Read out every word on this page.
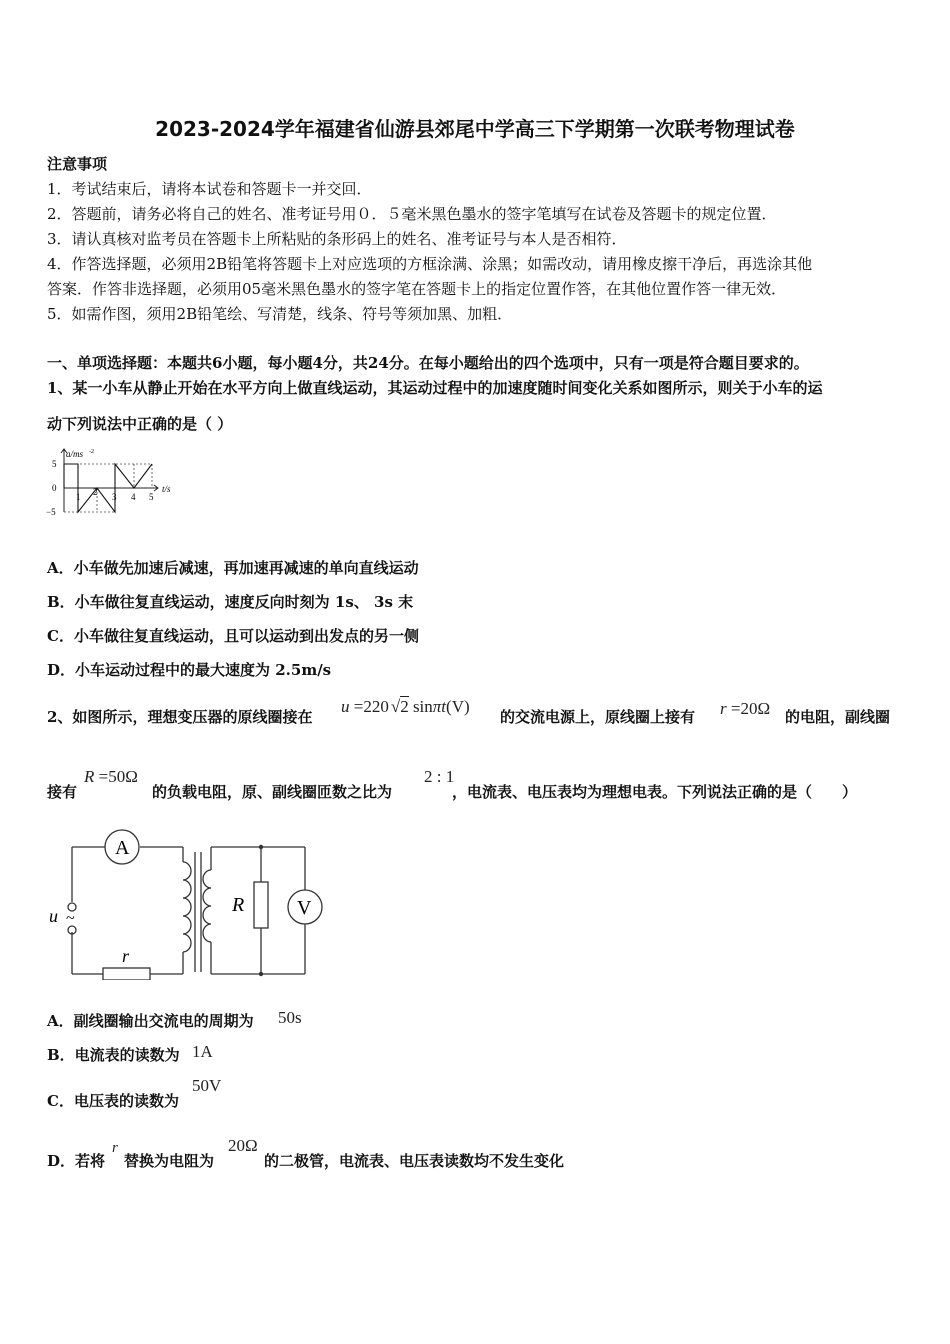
2023-2024学年福建省仙游县郊尾中学高三下学期第一次联考物理试卷
注意事项
1．考试结束后，请将本试卷和答题卡一并交回．
2．答题前，请务必将自己的姓名、准考证号用０．５毫米黑色墨水的签字笔填写在试卷及答题卡的规定位置．
3．请认真核对监考员在答题卡上所粘贴的条形码上的姓名、准考证号与本人是否相符．
4．作答选择题，必须用2B铅笔将答题卡上对应选项的方框涂满、涂黑；如需改动，请用橡皮擦干净后，再选涂其他
答案．作答非选择题，必须用05毫米黑色墨水的签字笔在答题卡上的指定位置作答，在其他位置作答一律无效．
5．如需作图，须用2B铅笔绘、写清楚，线条、符号等须加黑、加粗．
一、单项选择题：本题共6小题，每小题4分，共24分。在每小题给出的四个选项中，只有一项是符合题目要求的。
1、某一小车从静止开始在水平方向上做直线运动，其运动过程中的加速度随时间变化关系如图所示，则关于小车的运
动下列说法中正确的是（ ）
a/ms -2
t/s
5
0
−5
1 2 3 4 5
A．小车做先加速后减速，再加速再减速的单向直线运动
B．小车做往复直线运动，速度反向时刻为 1s、 3s 末
C．小车做往复直线运动，且可以运动到出发点的另一侧
D．小车运动过程中的最大速度为 2.5m/s
2、如图所示，理想变压器的原线圈接在
u =220 √2 sinπt(V)
的交流电源上，原线圈上接有 r =20Ω 的电阻，副线圈
接有
R =50Ω
的负载电阻，原、副线圈匝数之比为
2 : 1
，电流表、电压表均为理想电表。下列说法正确的是（　　）
A
V
u ~
R
r
A．副线圈输出交流电的周期为 50s
B．电流表的读数为 1A
C．电压表的读数为
50V
D．若将
r
替换为电阻为
20Ω
的二极管，电流表、电压表读数均不发生变化
